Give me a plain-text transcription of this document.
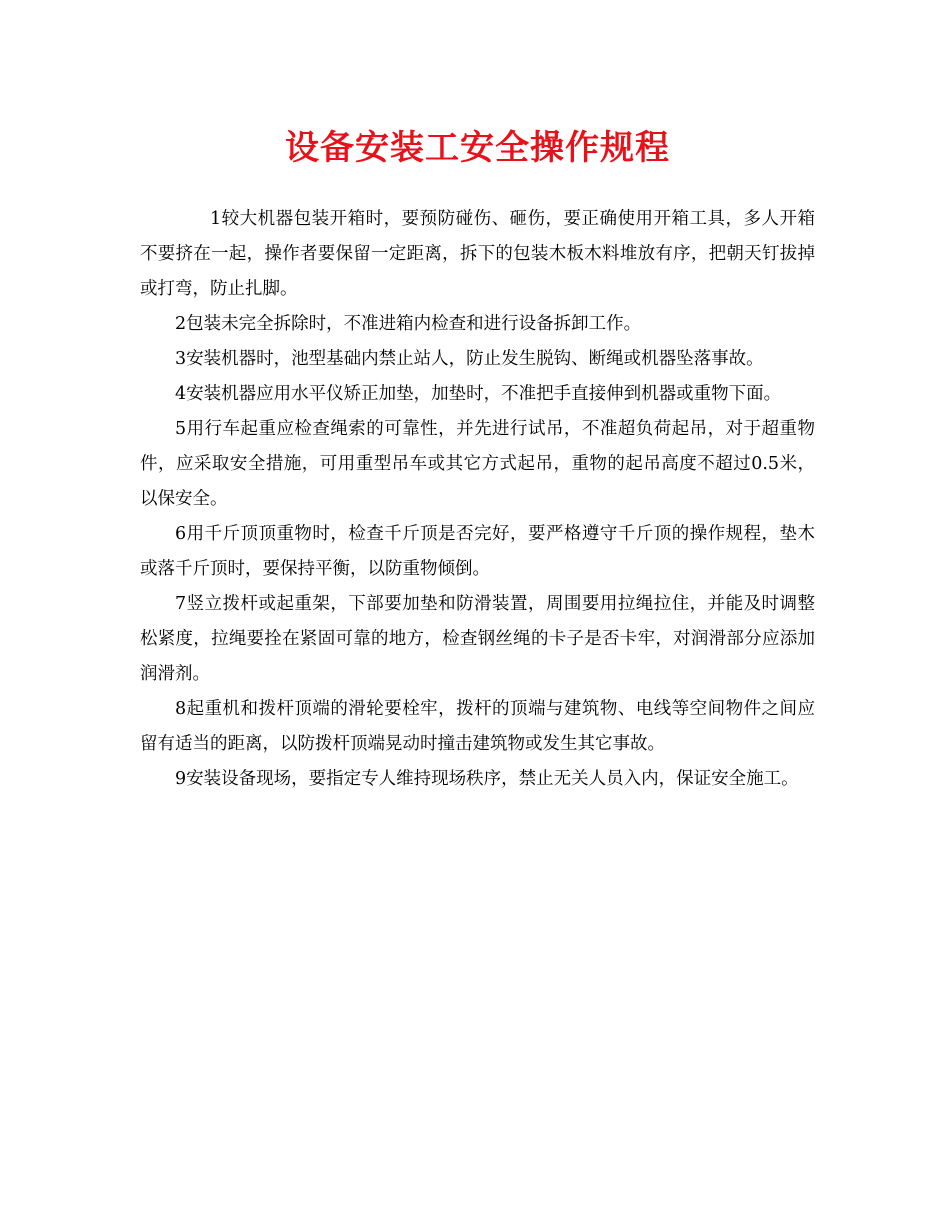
设备安装工安全操作规程

1较大机器包装开箱时，要预防碰伤、砸伤，要正确使用开箱工具，多人开箱不要挤在一起，操作者要保留一定距离，拆下的包装木板木料堆放有序，把朝天钉拔掉或打弯，防止扎脚。

2包装未完全拆除时，不准进箱内检查和进行设备拆卸工作。

3安装机器时，池型基础内禁止站人，防止发生脱钩、断绳或机器坠落事故。

4安装机器应用水平仪矫正加垫，加垫时，不准把手直接伸到机器或重物下面。

5用行车起重应检查绳索的可靠性，并先进行试吊，不准超负荷起吊，对于超重物件，应采取安全措施，可用重型吊车或其它方式起吊，重物的起吊高度不超过0.5米，以保安全。

6用千斤顶顶重物时，检查千斤顶是否完好，要严格遵守千斤顶的操作规程，垫木或落千斤顶时，要保持平衡，以防重物倾倒。

7竖立拨杆或起重架，下部要加垫和防滑装置，周围要用拉绳拉住，并能及时调整松紧度，拉绳要拴在紧固可靠的地方，检查钢丝绳的卡子是否卡牢，对润滑部分应添加润滑剂。

8起重机和拨杆顶端的滑轮要栓牢，拨杆的顶端与建筑物、电线等空间物件之间应留有适当的距离，以防拨杆顶端晃动时撞击建筑物或发生其它事故。

9安装设备现场，要指定专人维持现场秩序，禁止无关人员入内，保证安全施工。
